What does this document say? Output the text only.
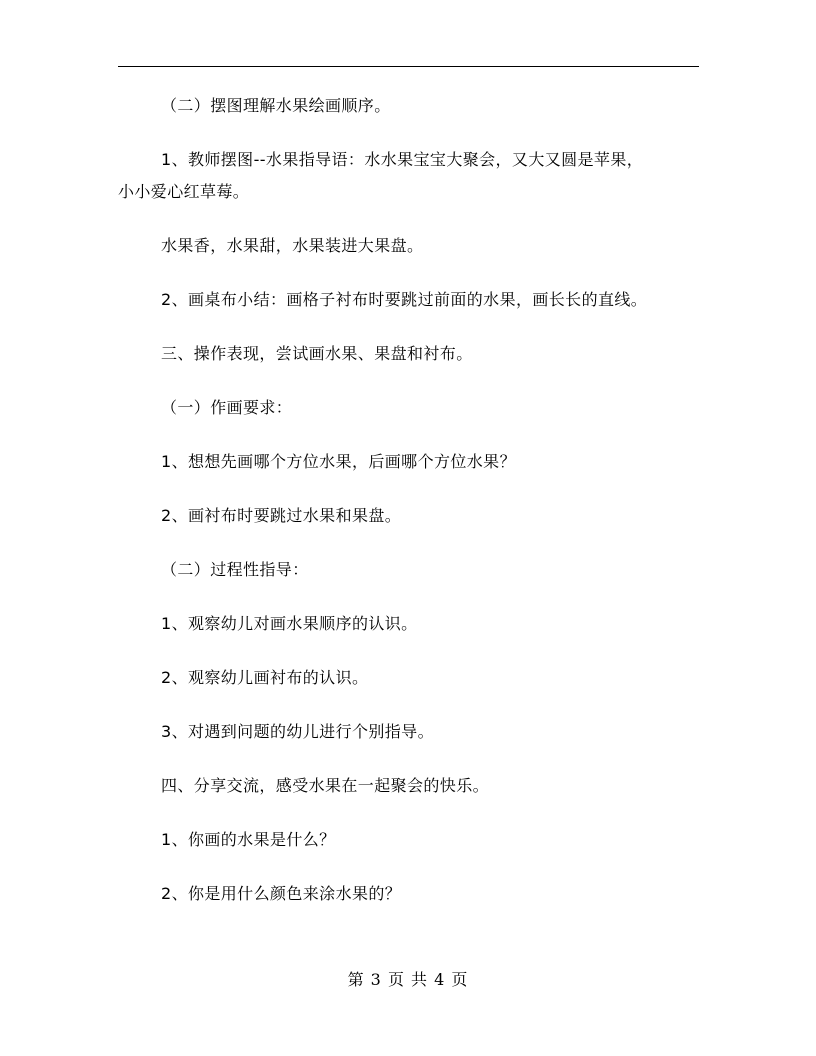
（二）摆图理解水果绘画顺序。

1、教师摆图--水果指导语：水水果宝宝大聚会，又大又圆是苹果，

小小爱心红草莓。

水果香，水果甜，水果装进大果盘。

2、画桌布小结：画格子衬布时要跳过前面的水果，画长长的直线。

三、操作表现，尝试画水果、果盘和衬布。

（一）作画要求：

1、想想先画哪个方位水果，后画哪个方位水果？

2、画衬布时要跳过水果和果盘。

（二）过程性指导：

1、观察幼儿对画水果顺序的认识。

2、观察幼儿画衬布的认识。

3、对遇到问题的幼儿进行个别指导。

四、分享交流，感受水果在一起聚会的快乐。

1、你画的水果是什么？

2、你是用什么颜色来涂水果的？

第 3 页 共 4 页
